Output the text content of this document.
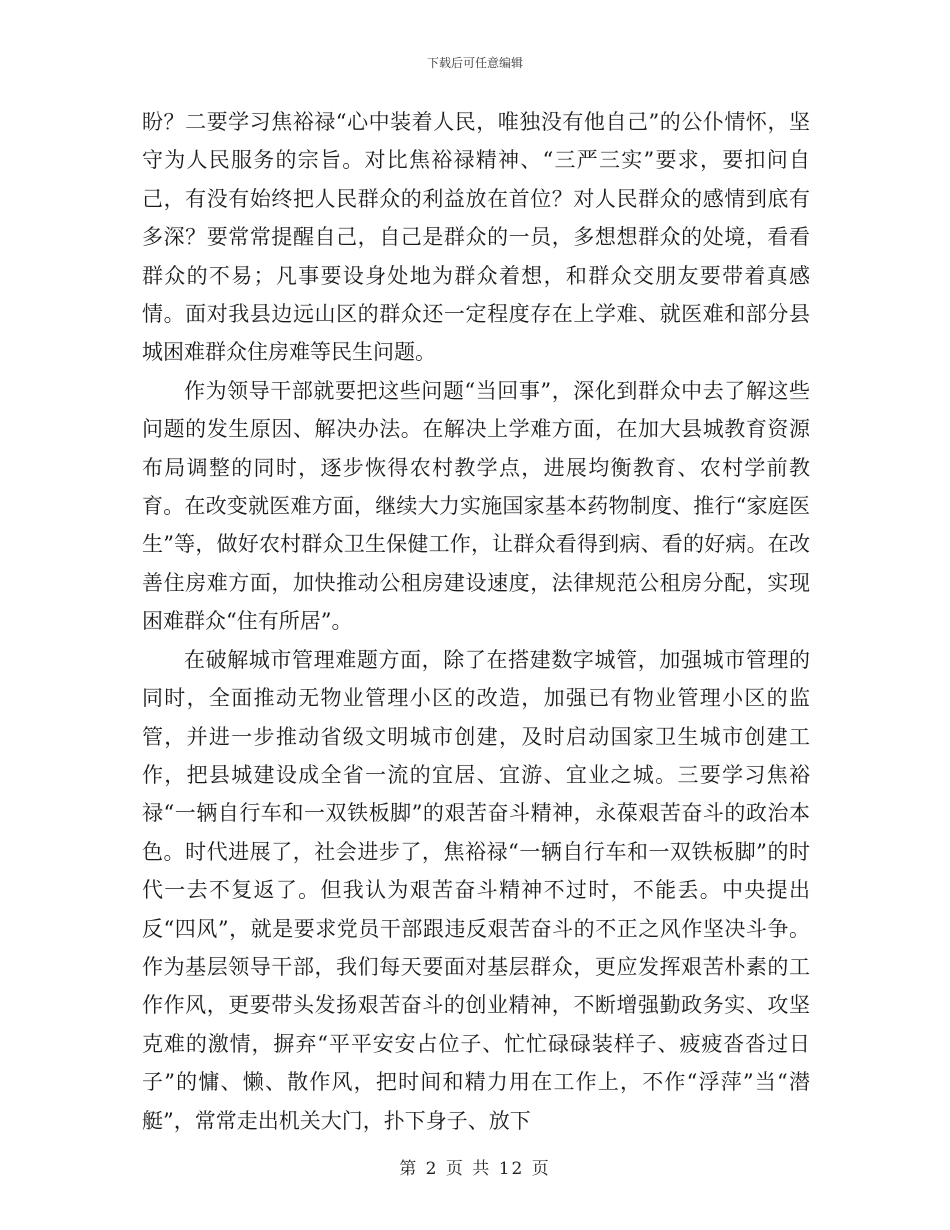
下载后可任意编辑

盼？二要学习焦裕禄“心中装着人民，唯独没有他自己”的公仆情怀，坚守为人民服务的宗旨。对比焦裕禄精神、“三严三实”要求，要扣问自己，有没有始终把人民群众的利益放在首位？对人民群众的感情到底有多深？要常常提醒自己，自己是群众的一员，多想想群众的处境，看看群众的不易；凡事要设身处地为群众着想，和群众交朋友要带着真感情。面对我县边远山区的群众还一定程度存在上学难、就医难和部分县城困难群众住房难等民生问题。

作为领导干部就要把这些问题“当回事”，深化到群众中去了解这些问题的发生原因、解决办法。在解决上学难方面，在加大县城教育资源布局调整的同时，逐步恢得农村教学点，进展均衡教育、农村学前教育。在改变就医难方面，继续大力实施国家基本药物制度、推行“家庭医生”等，做好农村群众卫生保健工作，让群众看得到病、看的好病。在改善住房难方面，加快推动公租房建设速度，法律规范公租房分配，实现困难群众“住有所居”。

在破解城市管理难题方面，除了在搭建数字城管，加强城市管理的同时，全面推动无物业管理小区的改造，加强已有物业管理小区的监管，并进一步推动省级文明城市创建，及时启动国家卫生城市创建工作，把县城建设成全省一流的宜居、宜游、宜业之城。三要学习焦裕禄“一辆自行车和一双铁板脚”的艰苦奋斗精神，永葆艰苦奋斗的政治本色。时代进展了，社会进步了，焦裕禄“一辆自行车和一双铁板脚”的时代一去不复返了。但我认为艰苦奋斗精神不过时，不能丢。中央提出反“四风”，就是要求党员干部跟违反艰苦奋斗的不正之风作坚决斗争。作为基层领导干部，我们每天要面对基层群众，更应发挥艰苦朴素的工作作风，更要带头发扬艰苦奋斗的创业精神，不断增强勤政务实、攻坚克难的激情，摒弃“平平安安占位子、忙忙碌碌装样子、疲疲沓沓过日子”的慵、懒、散作风，把时间和精力用在工作上，不作“浮萍”当“潜艇”，常常走出机关大门，扑下身子、放下

第 2 页 共 12 页
